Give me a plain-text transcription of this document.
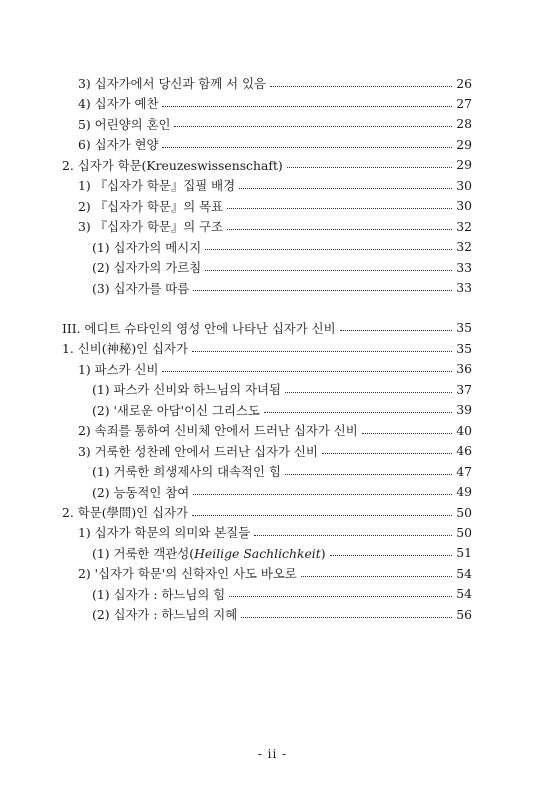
3) 십자가에서 당신과 함께 서 있음	26
4) 십자가 예찬	27
5) 어린양의 혼인	28
6) 십자가 현양	29
2. 십자가 학문(Kreuzeswissenschaft)	29
1) 『십자가 학문』집필 배경	30
2) 『십자가 학문』의 목표	30
3) 『십자가 학문』의 구조	32
(1) 십자가의 메시지	32
(2) 십자가의 가르침	33
(3) 십자가를 따름	33
III. 에디트 슈타인의 영성 안에 나타난 십자가 신비	35
1. 신비(神秘)인 십자가	35
1) 파스카 신비	36
(1) 파스카 신비와 하느님의 자녀됨	37
(2) '새로운 아담'이신 그리스도	39
2) 속죄를 통하여 신비체 안에서 드러난 십자가 신비	40
3) 거룩한 성찬례 안에서 드러난 십자가 신비	46
(1) 거룩한 희생제사의 대속적인 힘	47
(2) 능동적인 참여	49
2. 학문(學問)인 십자가	50
1) 십자가 학문의 의미와 본질들	50
(1) 거룩한 객관성(Heilige Sachlichkeit)	51
2) '십자가 학문'의 신학자인 사도 바오로	54
(1) 십자가 : 하느님의 힘	54
(2) 십자가 : 하느님의 지혜	56
- ii -
